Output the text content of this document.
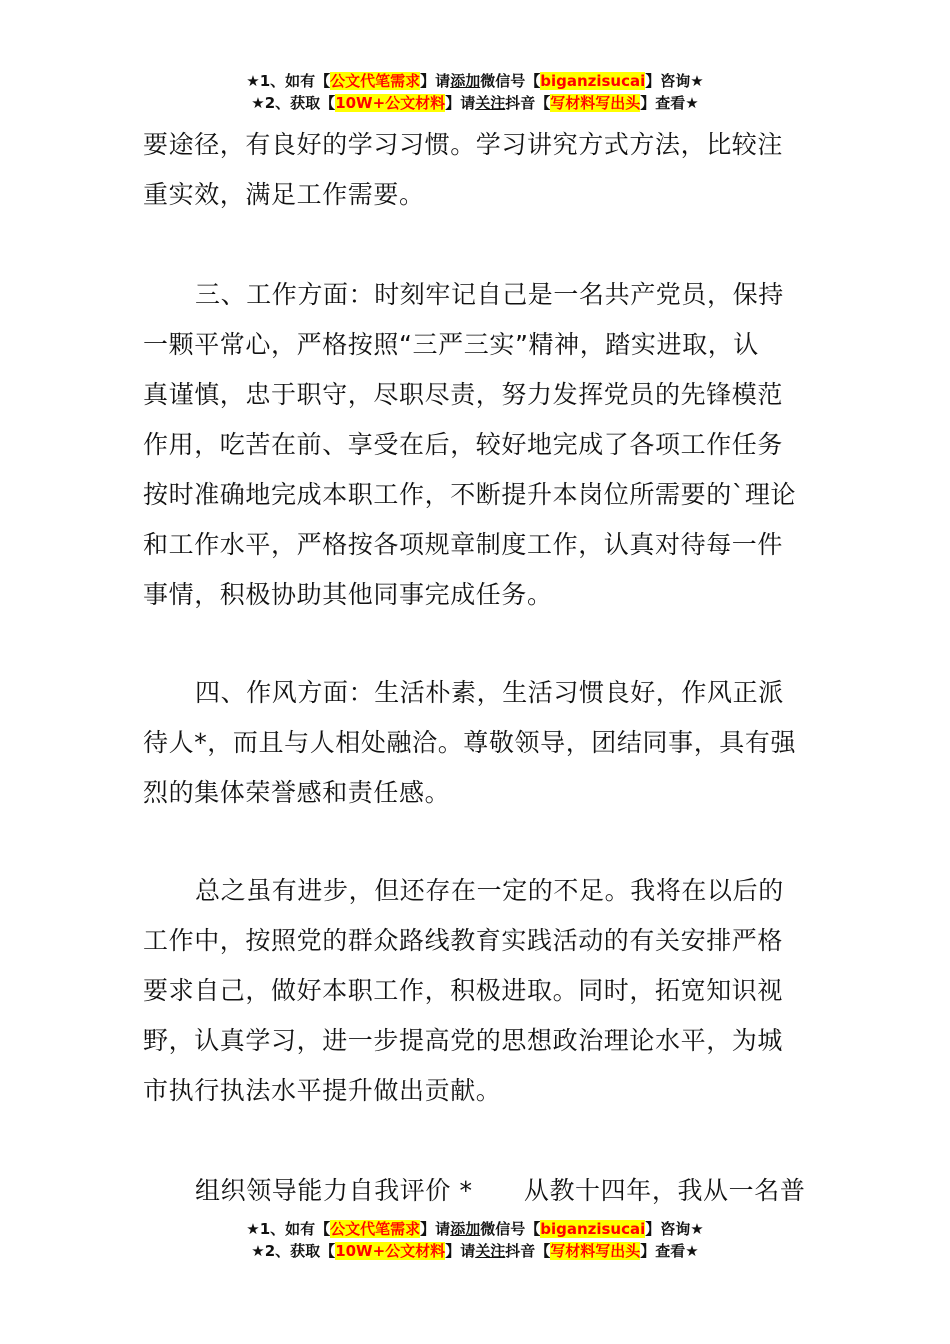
★1、如有【公文代笔需求】请添加微信号【biganzisucai】咨询★
★2、获取【10W+公文材料】请关注抖音【写材料写出头】查看★
要途径，有良好的学习习惯。学习讲究方式方法，比较注
重实效，满足工作需要。
三、工作方面：时刻牢记自己是一名共产党员，保持
一颗平常心，严格按照“三严三实”精神，踏实进取，认
真谨慎，忠于职守，尽职尽责，努力发挥党员的先锋模范
作用，吃苦在前、享受在后，较好地完成了各项工作任务
按时准确地完成本职工作，不断提升本岗位所需要的`理论
和工作水平，严格按各项规章制度工作，认真对待每一件
事情，积极协助其他同事完成任务。
四、作风方面：生活朴素，生活习惯良好，作风正派
待人*，而且与人相处融洽。尊敬领导，团结同事，具有强
烈的集体荣誉感和责任感。
总之虽有进步，但还存在一定的不足。我将在以后的
工作中，按照党的群众路线教育实践活动的有关安排严格
要求自己，做好本职工作，积极进取。同时，拓宽知识视
野，认真学习，进一步提高党的思想政治理论水平，为城
市执行执法水平提升做出贡献。
组织领导能力自我评价 *　　从教十四年，我从一名普
★1、如有【公文代笔需求】请添加微信号【biganzisucai】咨询★
★2、获取【10W+公文材料】请关注抖音【写材料写出头】查看★
